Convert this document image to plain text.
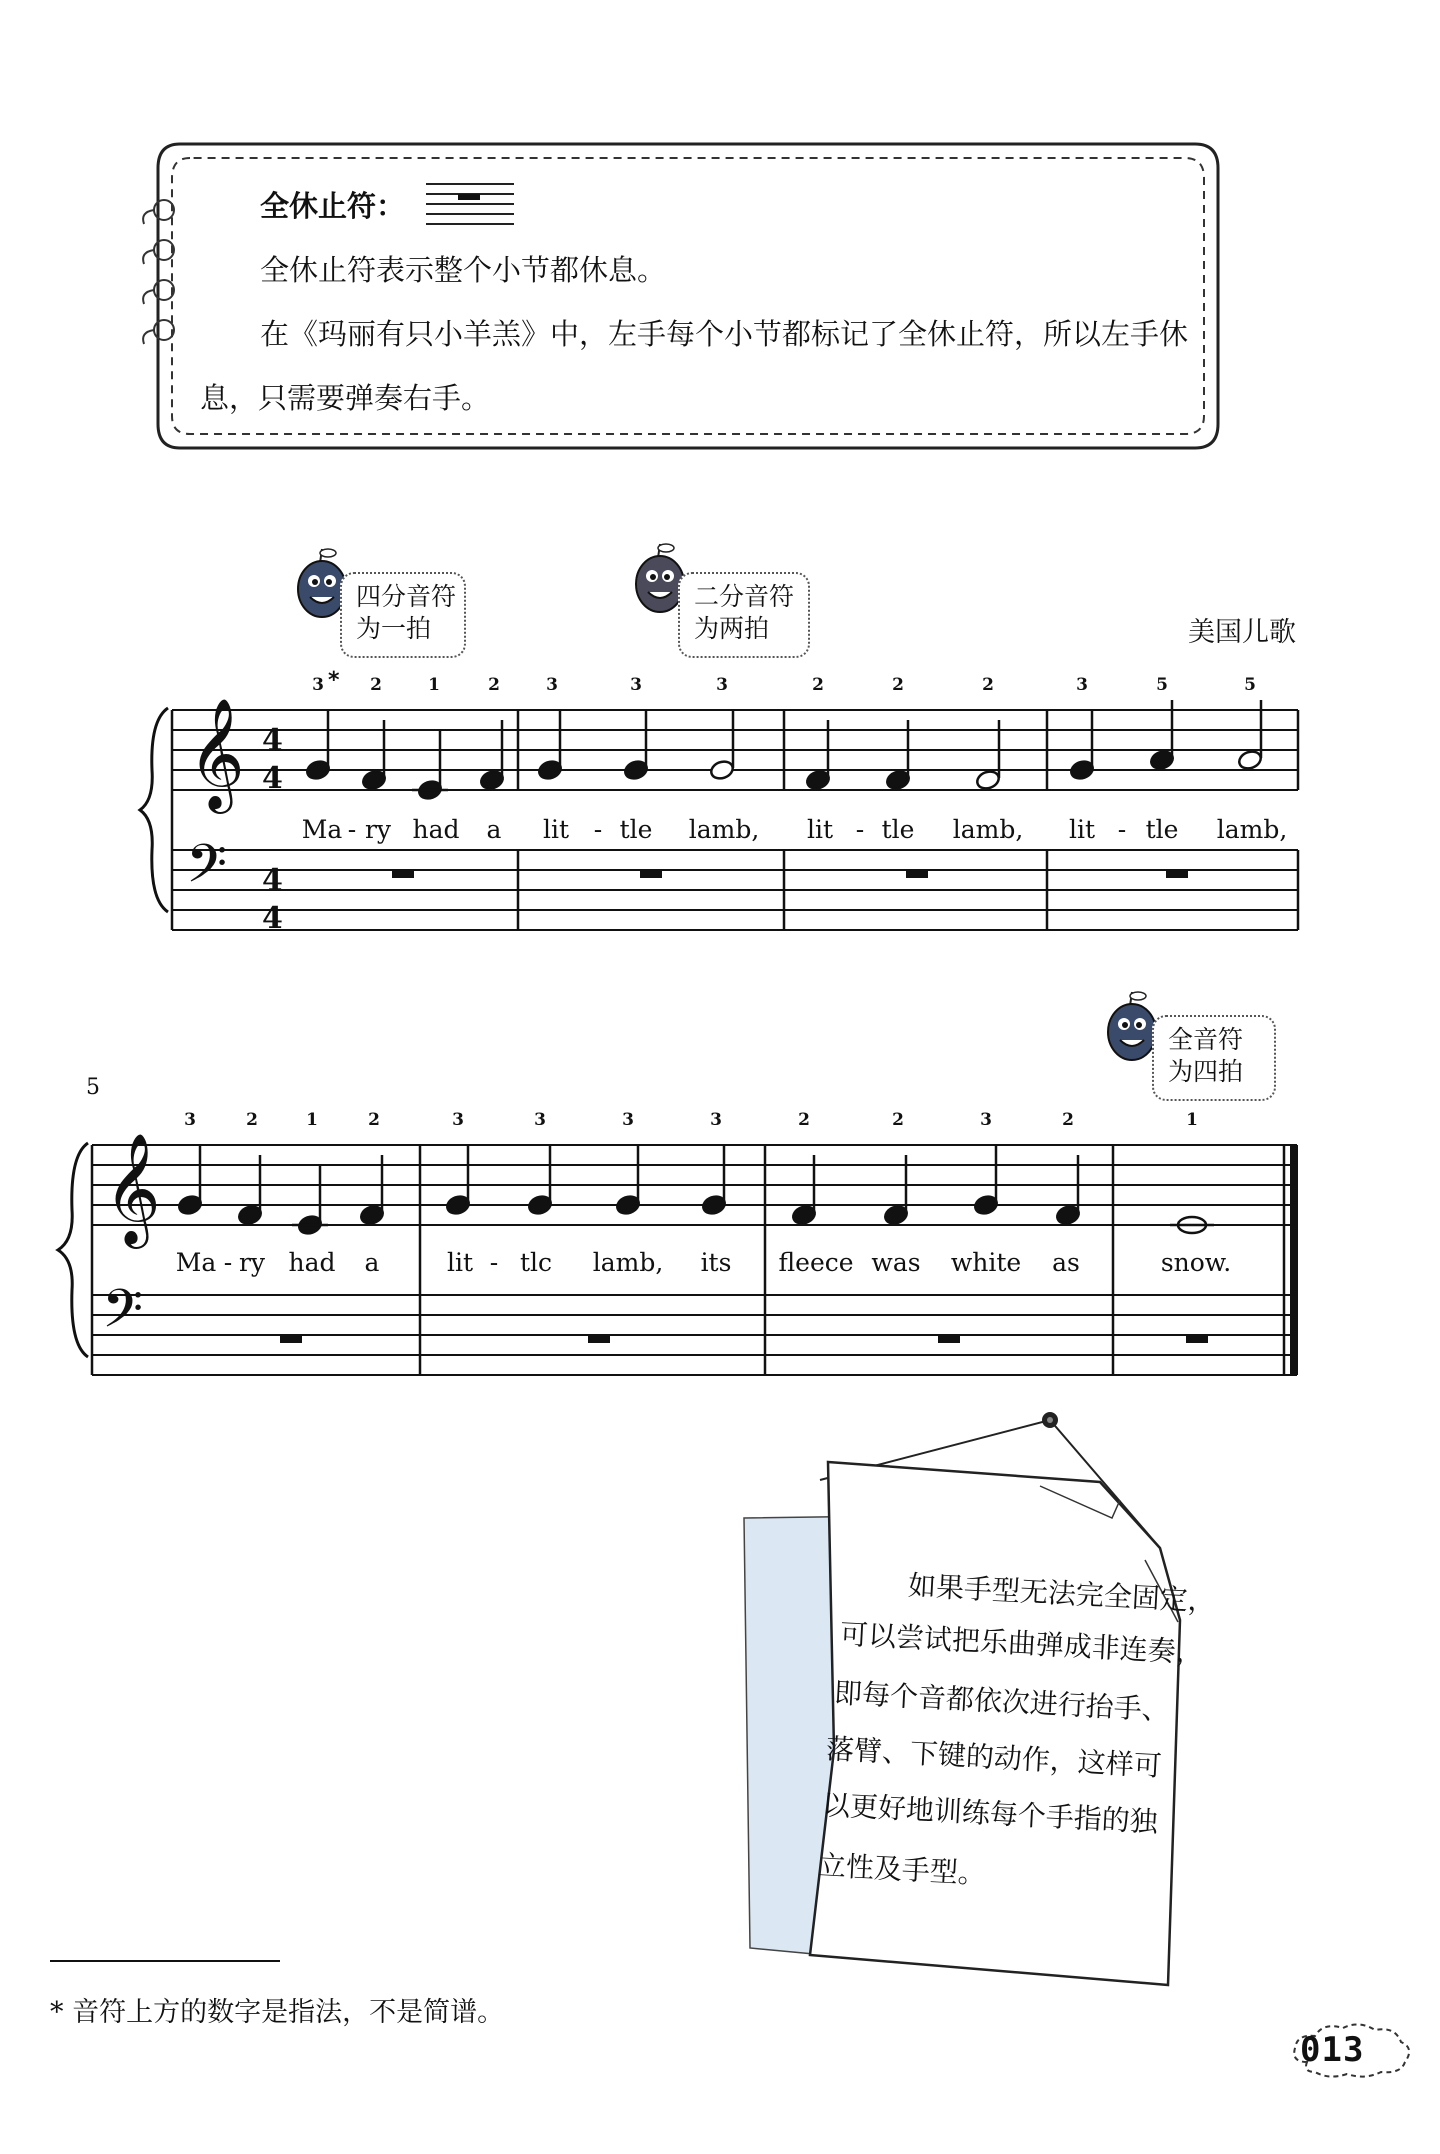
全休止符：
全休止符表示整个小节都休息。
在《玛丽有只小羊羔》中，左手每个小节都标记了全休止符，所以左手休
息，只需要弹奏右手。
四分音符
为一拍
二分音符
为两拍	美国儿歌
𝄞
𝄢
4
4
4
4
3 * 2	1	2	3	3	3	2	2	2	3	5	5
Ma - ry had a lit - tle lamb, lit - tle lamb, lit - tle lamb,
全音符
为四拍
5
𝄞
𝄢
3	2	1	2	3	3	3	3	2	2	3	2	1
Ma - ry had a	lit - tlc lamb, its fleece was white as	snow.
如果手型无法完全固定，
可以尝试把乐曲弹成非连奏，
即每个音都依次进行抬手、
落臂、下键的动作，这样可
以更好地训练每个手指的独
立性及手型。
* 音符上方的数字是指法，不是简谱。
013
